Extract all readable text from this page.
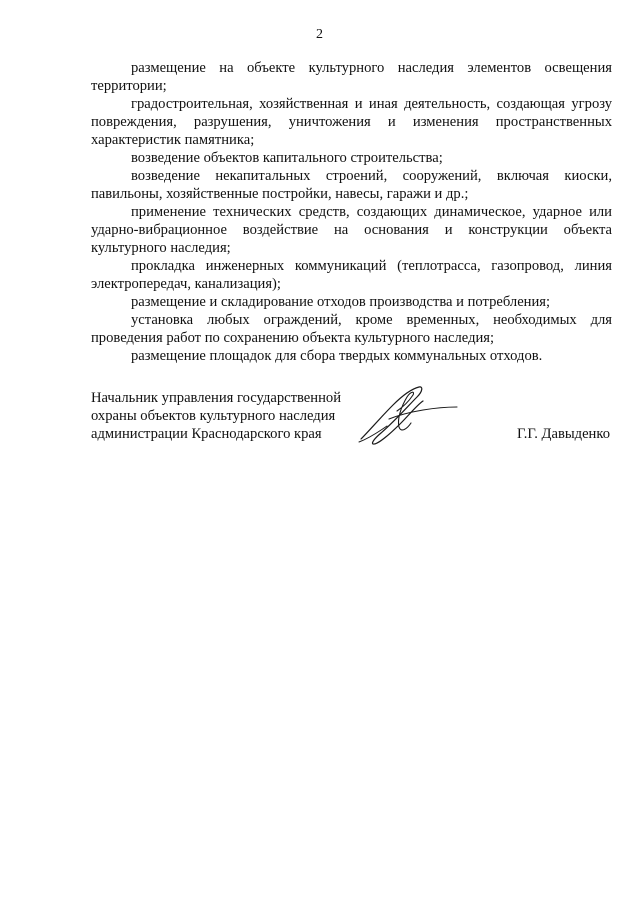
2

размещение на объекте культурного наследия элементов освещения территории;

градостроительная, хозяйственная и иная деятельность, создающая угрозу повреждения, разрушения, уничтожения и изменения пространственных характеристик памятника;

возведение объектов капитального строительства;

возведение некапитальных строений, сооружений, включая киоски, павильоны, хозяйственные постройки, навесы, гаражи и др.;

применение технических средств, создающих динамическое, ударное или ударно-вибрационное воздействие на основания и конструкции объекта культурного наследия;

прокладка инженерных коммуникаций (теплотрасса, газопровод, линия электропередач, канализация);

размещение и складирование отходов производства и потребления;

установка любых ограждений, кроме временных, необходимых для проведения работ по сохранению объекта культурного наследия;

размещение площадок для сбора твердых коммунальных отходов.

Начальник управления государственной
охраны объектов культурного наследия
администрации Краснодарского края	Г.Г. Давыденко
